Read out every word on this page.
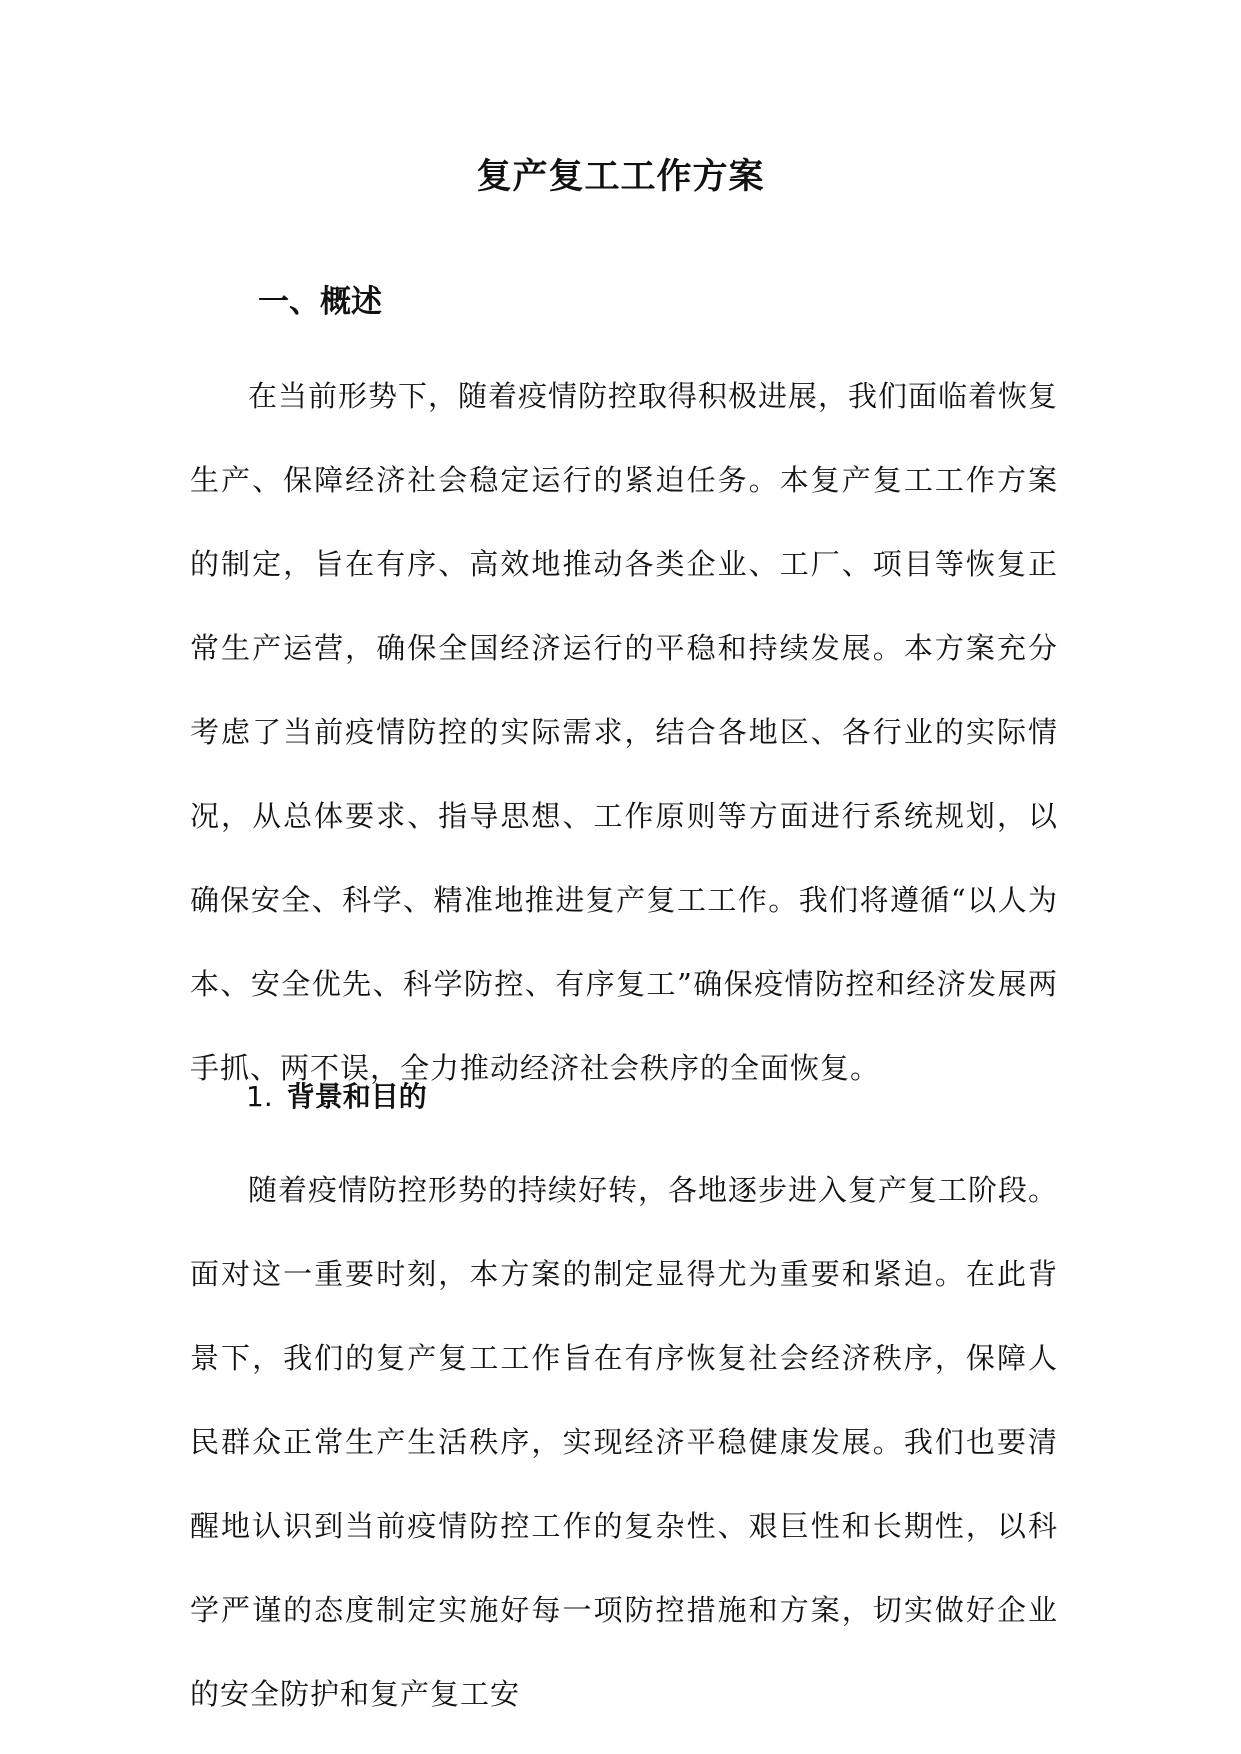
复产复工工作方案
一、概述

在当前形势下，随着疫情防控取得积极进展，我们面临着恢复生产、保障经济社会稳定运行的紧迫任务。本复产复工工作方案的制定，旨在有序、高效地推动各类企业、工厂、项目等恢复正常生产运营，确保全国经济运行的平稳和持续发展。本方案充分考虑了当前疫情防控的实际需求，结合各地区、各行业的实际情况，从总体要求、指导思想、工作原则等方面进行系统规划，以确保安全、科学、精准地推进复产复工工作。我们将遵循“以人为本、安全优先、科学防控、有序复工”确保疫情防控和经济发展两手抓、两不误，全力推动经济社会秩序的全面恢复。

1. 背景和目的

随着疫情防控形势的持续好转，各地逐步进入复产复工阶段。面对这一重要时刻，本方案的制定显得尤为重要和紧迫。在此背景下，我们的复产复工工作旨在有序恢复社会经济秩序，保障人民群众正常生产生活秩序，实现经济平稳健康发展。我们也要清醒地认识到当前疫情防控工作的复杂性、艰巨性和长期性，以科学严谨的态度制定实施好每一项防控措施和方案，切实做好企业的安全防护和复产复工安
